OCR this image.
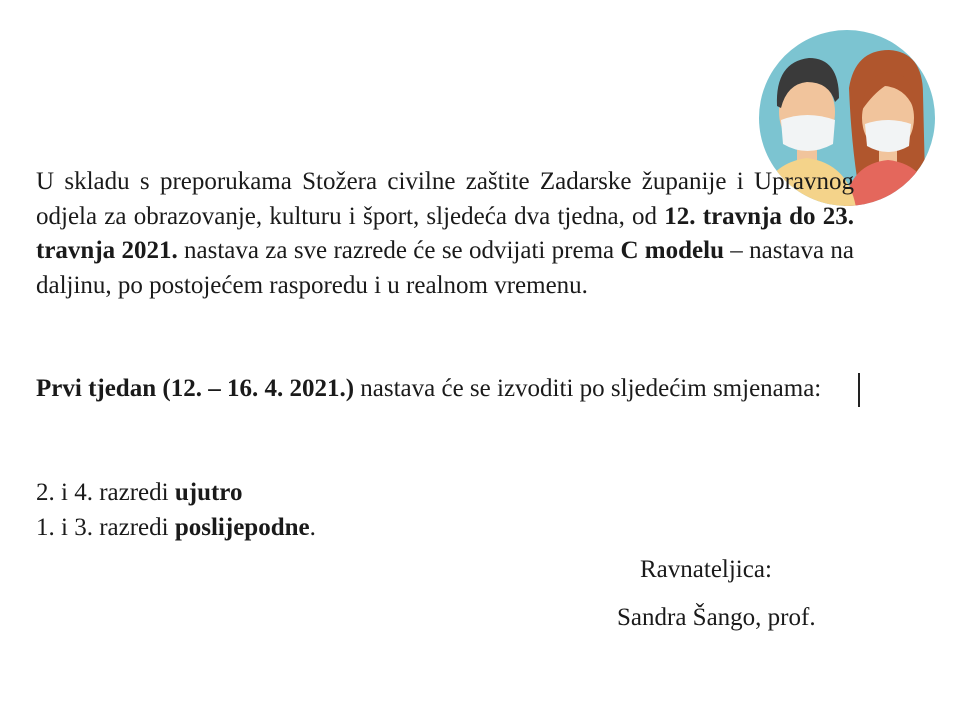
U skladu s preporukama Stožera civilne zaštite Zadarske županije i Upravnog odjela za obrazovanje, kulturu i šport, sljedeća dva tjedna, od 12. travnja do 23. travnja 2021. nastava za sve razrede će se odvijati prema C modelu – nastava na daljinu, po postojećem rasporedu i u realnom vremenu.

Prvi tjedan (12. – 16. 4. 2021.) nastava će se izvoditi po sljedećim smjenama:

2. i 4. razredi ujutro
1. i 3. razredi poslijepodne.

Ravnateljica:

Sandra Šango, prof.
